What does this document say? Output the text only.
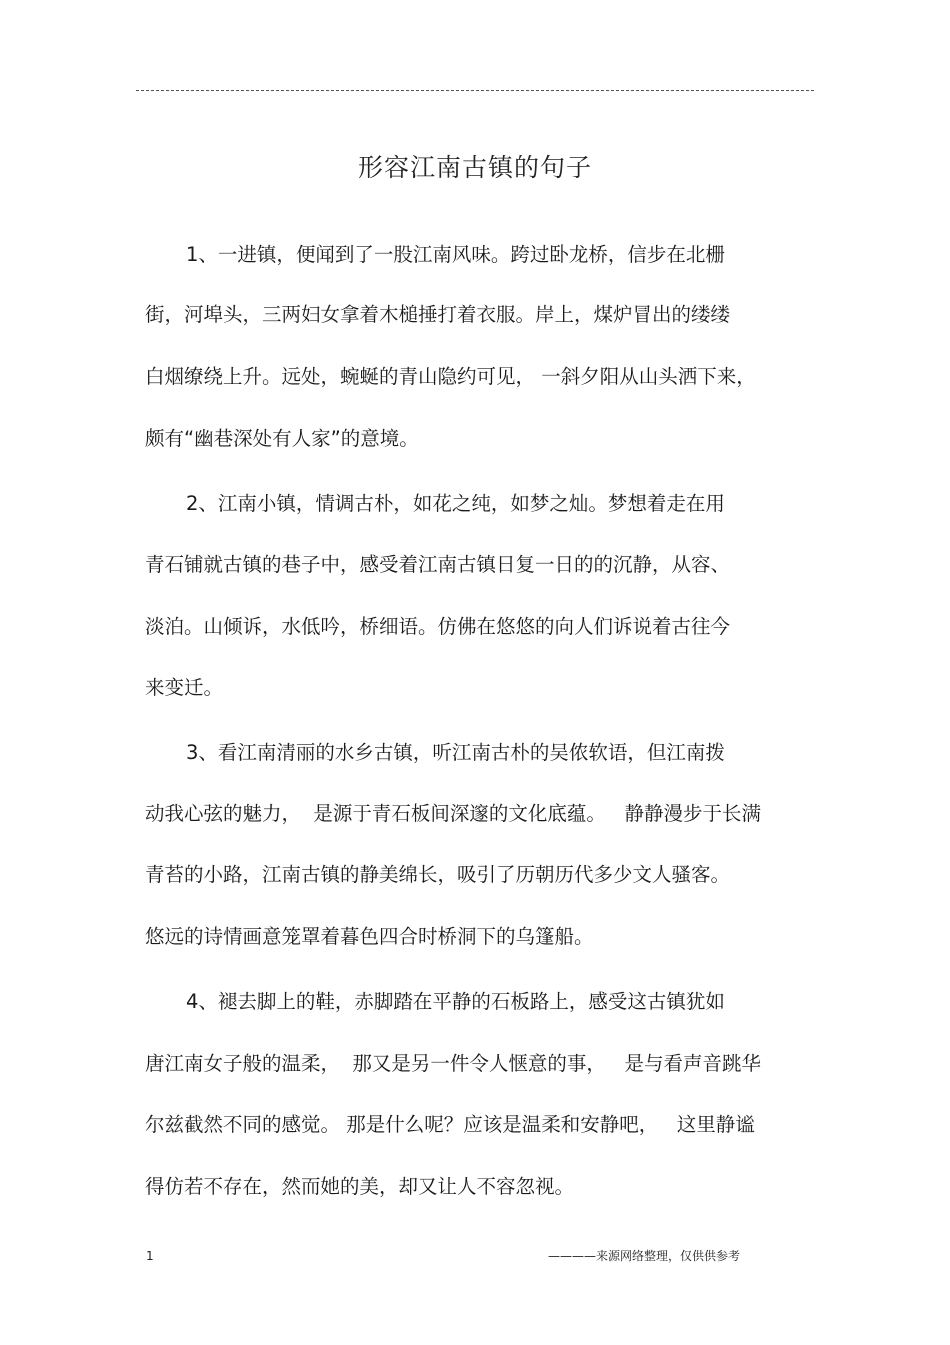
形容江南古镇的句子
1、一进镇，便闻到了一股江南风味。跨过卧龙桥，信步在北栅
街，河埠头，三两妇女拿着木槌捶打着衣服。岸上，煤炉冒出的缕缕
白烟缭绕上升。远处，蜿蜒的青山隐约可见， 一斜夕阳从山头洒下来，
颇有“幽巷深处有人家”的意境。
2、江南小镇，情调古朴，如花之纯，如梦之灿。梦想着走在用
青石铺就古镇的巷子中，感受着江南古镇日复一日的的沉静，从容、
淡泊。山倾诉，水低吟，桥细语。仿佛在悠悠的向人们诉说着古往今
来变迁。
3、看江南清丽的水乡古镇，听江南古朴的吴侬软语，但江南拨
动我心弦的魅力，  是源于青石板间深邃的文化底蕴。   静静漫步于长满
青苔的小路，江南古镇的静美绵长，吸引了历朝历代多少文人骚客。
悠远的诗情画意笼罩着暮色四合时桥洞下的乌篷船。
4、褪去脚上的鞋，赤脚踏在平静的石板路上，感受这古镇犹如
唐江南女子般的温柔，  那又是另一件令人惬意的事，   是与看声音跳华
尔兹截然不同的感觉。 那是什么呢？应该是温柔和安静吧，   这里静谧
得仿若不存在，然而她的美，却又让人不容忽视。
1	————来源网络整理，仅供供参考
